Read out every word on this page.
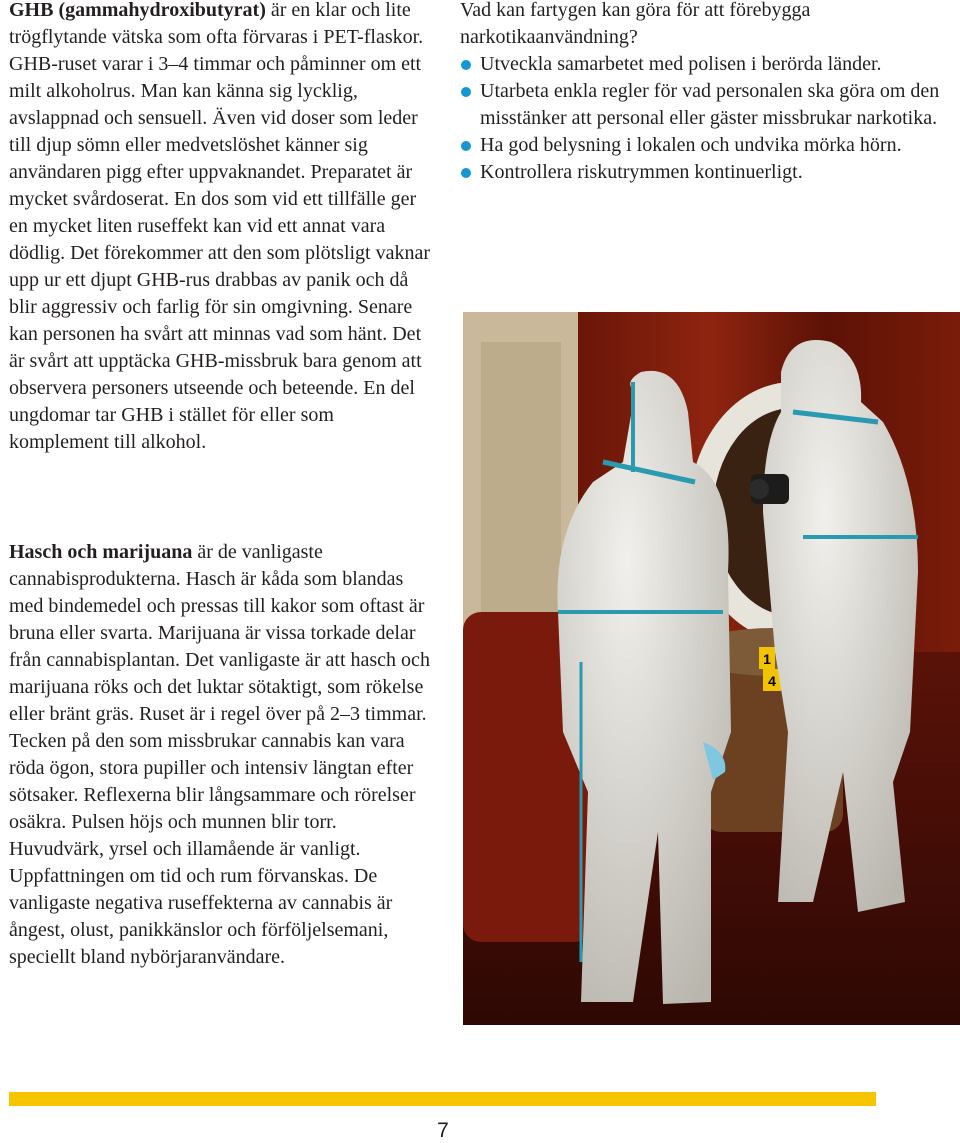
GHB (gammahydroxibutyrat) är en klar och lite trögflytande vätska som ofta förvaras i PET-flaskor. GHB-ruset varar i 3–4 timmar och påminner om ett milt alkoholrus. Man kan känna sig lycklig, avslappnad och sensuell. Även vid doser som leder till djup sömn eller medvetslöshet känner sig användaren pigg efter uppvaknandet. Preparatet är mycket svårdoserat. En dos som vid ett tillfälle ger en mycket liten ruseffekt kan vid ett annat vara dödlig. Det förekommer att den som plötsligt vaknar upp ur ett djupt GHB-rus drabbas av panik och då blir aggressiv och farlig för sin omgivning. Senare kan personen ha svårt att minnas vad som hänt. Det är svårt att upptäcka GHB-missbruk bara genom att observera personers utseende och beteende. En del ungdomar tar GHB i stället för eller som komplement till alkohol.

Hasch och marijuana är de vanligaste cannabisprodukterna. Hasch är kåda som blandas med bindemedel och pressas till kakor som oftast är bruna eller svarta. Marijuana är vissa torkade delar från cannabisplantan. Det vanligaste är att hasch och marijuana röks och det luktar sötaktigt, som rökelse eller bränt gräs. Ruset är i regel över på 2–3 timmar. Tecken på den som missbrukar cannabis kan vara röda ögon, stora pupiller och intensiv längtan efter sötsaker. Reflexerna blir långsammare och rörelser osäkra. Pulsen höjs och munnen blir torr. Huvudvärk, yrsel och illamående är vanligt. Uppfattningen om tid och rum förvanskas. De vanligaste negativa ruseffekterna av cannabis är ångest, olust, panikkänslor och förföljelsemani, speciellt bland nybörjaranvändare.

Vad kan fartygen kan göra för att förebygga narkotikaanvändning?

Utveckla samarbetet med polisen i berörda länder.
Utarbeta enkla regler för vad personalen ska göra om den misstänker att personal eller gäster missbrukar narkotika.
Ha god belysning i lokalen och undvika mörka hörn.
Kontrollera riskutrymmen kontinuerligt.
1
4
7
